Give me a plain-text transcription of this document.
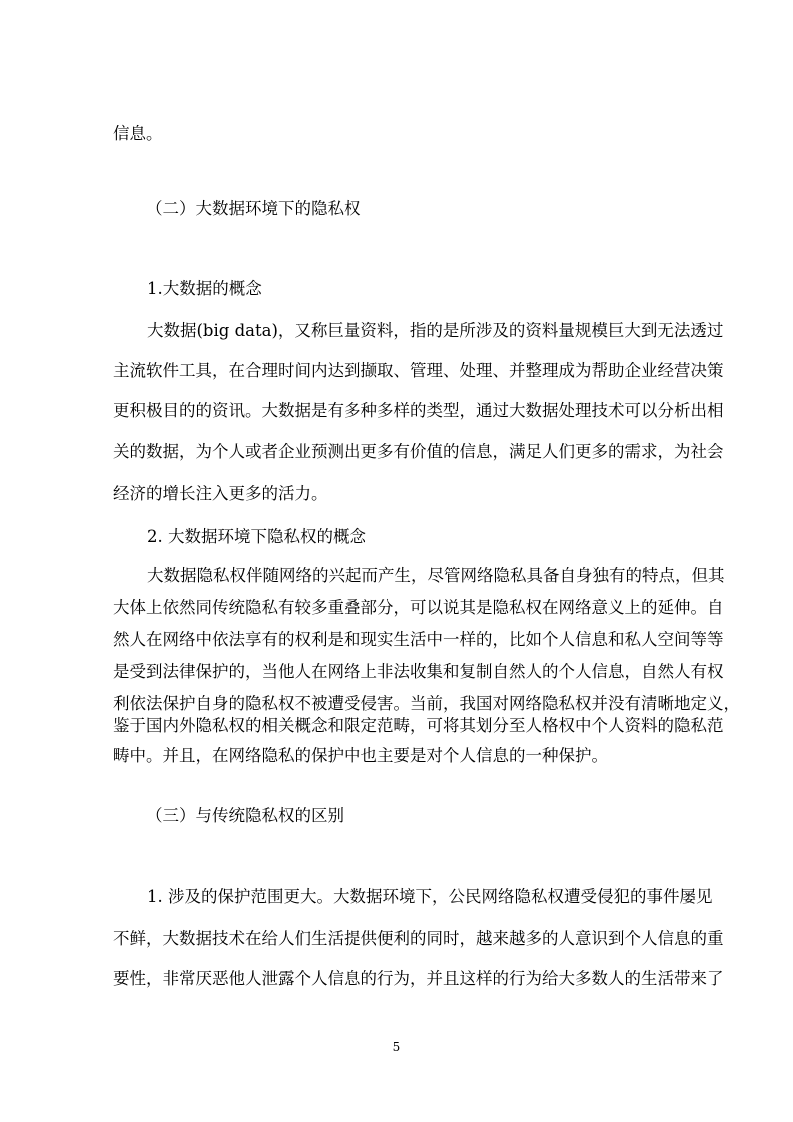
信息。
（二）大数据环境下的隐私权
1.大数据的概念
大数据(big data)，又称巨量资料，指的是所涉及的资料量规模巨大到无法透过
主流软件工具，在合理时间内达到撷取、管理、处理、并整理成为帮助企业经营决策
更积极目的的资讯。大数据是有多种多样的类型，通过大数据处理技术可以分析出相
关的数据，为个人或者企业预测出更多有价值的信息，满足人们更多的需求，为社会
经济的增长注入更多的活力。
2. 大数据环境下隐私权的概念
大数据隐私权伴随网络的兴起而产生，尽管网络隐私具备自身独有的特点，但其
大体上依然同传统隐私有较多重叠部分，可以说其是隐私权在网络意义上的延伸。自
然人在网络中依法享有的权利是和现实生活中一样的，比如个人信息和私人空间等等
是受到法律保护的，当他人在网络上非法收集和复制自然人的个人信息，自然人有权
利依法保护自身的隐私权不被遭受侵害。当前，我国对网络隐私权并没有清晰地定义，
鉴于国内外隐私权的相关概念和限定范畴，可将其划分至人格权中个人资料的隐私范
畴中。并且，在网络隐私的保护中也主要是对个人信息的一种保护。
（三）与传统隐私权的区别
1. 涉及的保护范围更大。大数据环境下，公民网络隐私权遭受侵犯的事件屡见
不鲜，大数据技术在给人们生活提供便利的同时，越来越多的人意识到个人信息的重
要性，非常厌恶他人泄露个人信息的行为，并且这样的行为给大多数人的生活带来了
5
